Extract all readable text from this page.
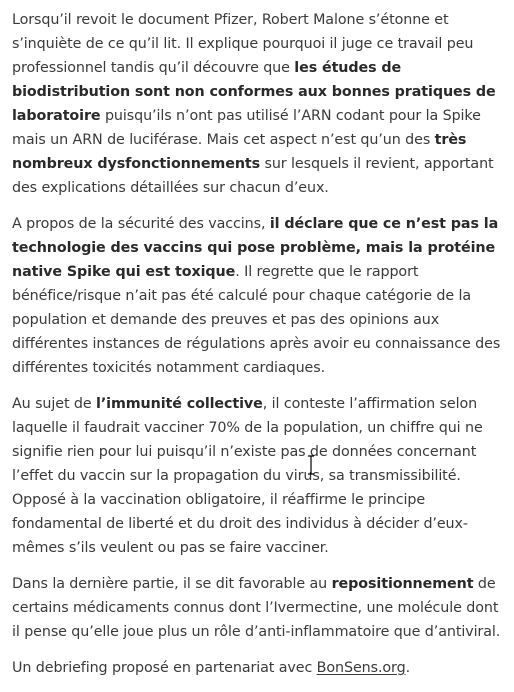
Lorsqu’il revoit le document Pfizer, Robert Malone s’étonne et s’inquiète de ce qu’il lit. Il explique pourquoi il juge ce travail peu professionnel tandis qu’il découvre que les études de biodistribution sont non conformes aux bonnes pratiques de laboratoire puisqu’ils n’ont pas utilisé l’ARN codant pour la Spike mais un ARN de luciférase. Mais cet aspect n’est qu’un des très nombreux dysfonctionnements sur lesquels il revient, apportant des explications détaillées sur chacun d’eux.

A propos de la sécurité des vaccins, il déclare que ce n’est pas la technologie des vaccins qui pose problème, mais la protéine native Spike qui est toxique. Il regrette que le rapport bénéfice/risque n’ait pas été calculé pour chaque catégorie de la population et demande des preuves et pas des opinions aux différentes instances de régulations après avoir eu connaissance des différentes toxicités notamment cardiaques.

Au sujet de l’immunité collective, il conteste l’affirmation selon laquelle il faudrait vacciner 70% de la population, un chiffre qui ne signifie rien pour lui puisqu’il n’existe pas de données concernant l’effet du vaccin sur la propagation du virus, sa transmissibilité. Opposé à la vaccination obligatoire, il réaffirme le principe fondamental de liberté et du droit des individus à décider d’eux-mêmes s’ils veulent ou pas se faire vacciner.

Dans la dernière partie, il se dit favorable au repositionnement de certains médicaments connus dont l’Ivermectine, une molécule dont il pense qu’elle joue plus un rôle d’anti-inflammatoire que d’antiviral.

Un debriefing proposé en partenariat avec BonSens.org.
